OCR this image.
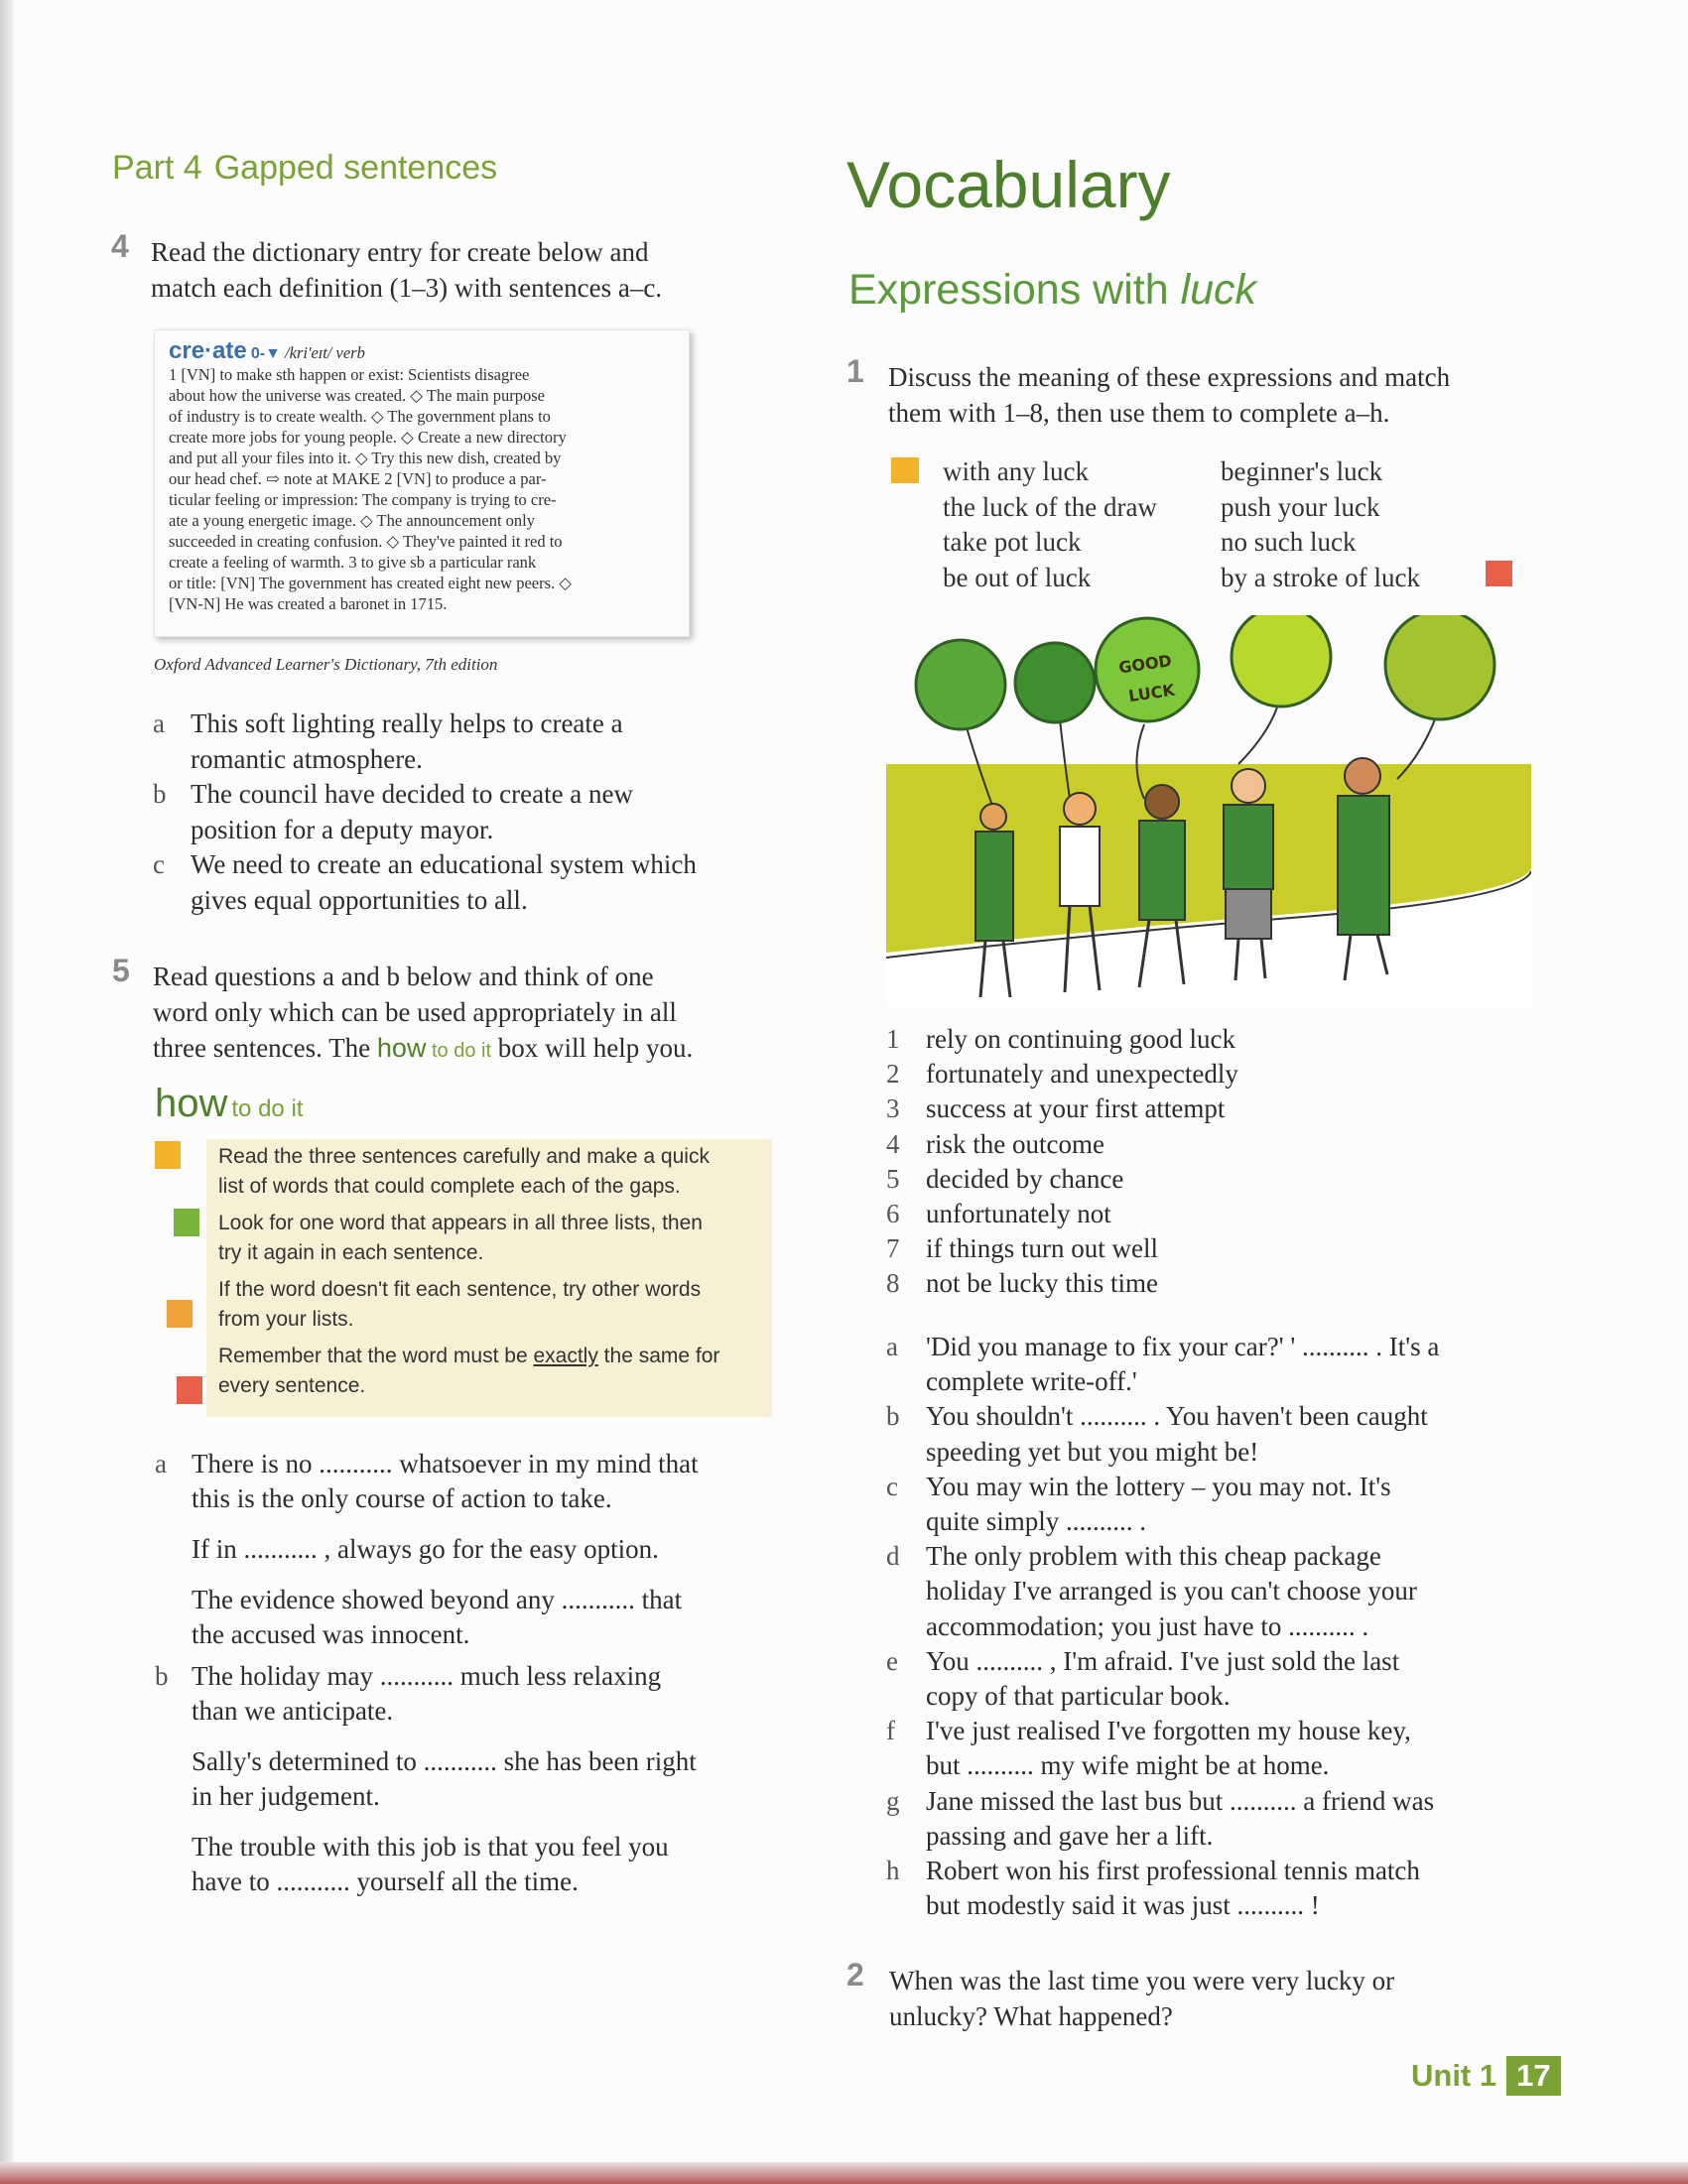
Part 4 Gapped sentences
4 Read the dictionary entry for create below and
match each definition (1–3) with sentences a–c.
cre·ate 0-▼ /kri'eɪt/ verb
1 [VN] to make sth happen or exist: Scientists disagree
about how the universe was created. ◇ The main purpose
of industry is to create wealth. ◇ The government plans to
create more jobs for young people. ◇ Create a new directory
and put all your files into it. ◇ Try this new dish, created by
our head chef. ⇨ note at MAKE 2 [VN] to produce a par-
ticular feeling or impression: The company is trying to cre-
ate a young energetic image. ◇ The announcement only
succeeded in creating confusion. ◇ They've painted it red to
create a feeling of warmth. 3 to give sb a particular rank
or title: [VN] The government has created eight new peers. ◇
[VN-N] He was created a baronet in 1715.
Oxford Advanced Learner's Dictionary, 7th edition
a This soft lighting really helps to create a
romantic atmosphere.
b The council have decided to create a new
position for a deputy mayor.
c We need to create an educational system which
gives equal opportunities to all.
5 Read questions a and b below and think of one
word only which can be used appropriately in all
three sentences. The how to do it box will help you.
how to do it
Read the three sentences carefully and make a quick
list of words that could complete each of the gaps.
Look for one word that appears in all three lists, then
try it again in each sentence.
If the word doesn't fit each sentence, try other words
from your lists.
Remember that the word must be exactly the same for
every sentence.
a There is no ........... whatsoever in my mind that
this is the only course of action to take.
If in ........... , always go for the easy option.
The evidence showed beyond any ........... that
the accused was innocent.
b The holiday may ........... much less relaxing
than we anticipate.
Sally's determined to ........... she has been right
in her judgement.
The trouble with this job is that you feel you
have to ........... yourself all the time.
Vocabulary
Expressions with luck
1 Discuss the meaning of these expressions and match
them with 1–8, then use them to complete a–h.
with any luck
the luck of the draw
take pot luck
be out of luck
beginner's luck
push your luck
no such luck
by a stroke of luck
GOOD
LUCK
1 rely on continuing good luck
2 fortunately and unexpectedly
3 success at your first attempt
4 risk the outcome
5 decided by chance
6 unfortunately not
7 if things turn out well
8 not be lucky this time
a 'Did you manage to fix your car?' ' .......... . It's a
complete write-off.'
b You shouldn't .......... . You haven't been caught
speeding yet but you might be!
c You may win the lottery – you may not. It's
quite simply .......... .
d The only problem with this cheap package
holiday I've arranged is you can't choose your
accommodation; you just have to .......... .
e You .......... , I'm afraid. I've just sold the last
copy of that particular book.
f I've just realised I've forgotten my house key,
but .......... my wife might be at home.
g Jane missed the last bus but .......... a friend was
passing and gave her a lift.
h Robert won his first professional tennis match
but modestly said it was just .......... !
2 When was the last time you were very lucky or
unlucky? What happened?
Unit 1 17
